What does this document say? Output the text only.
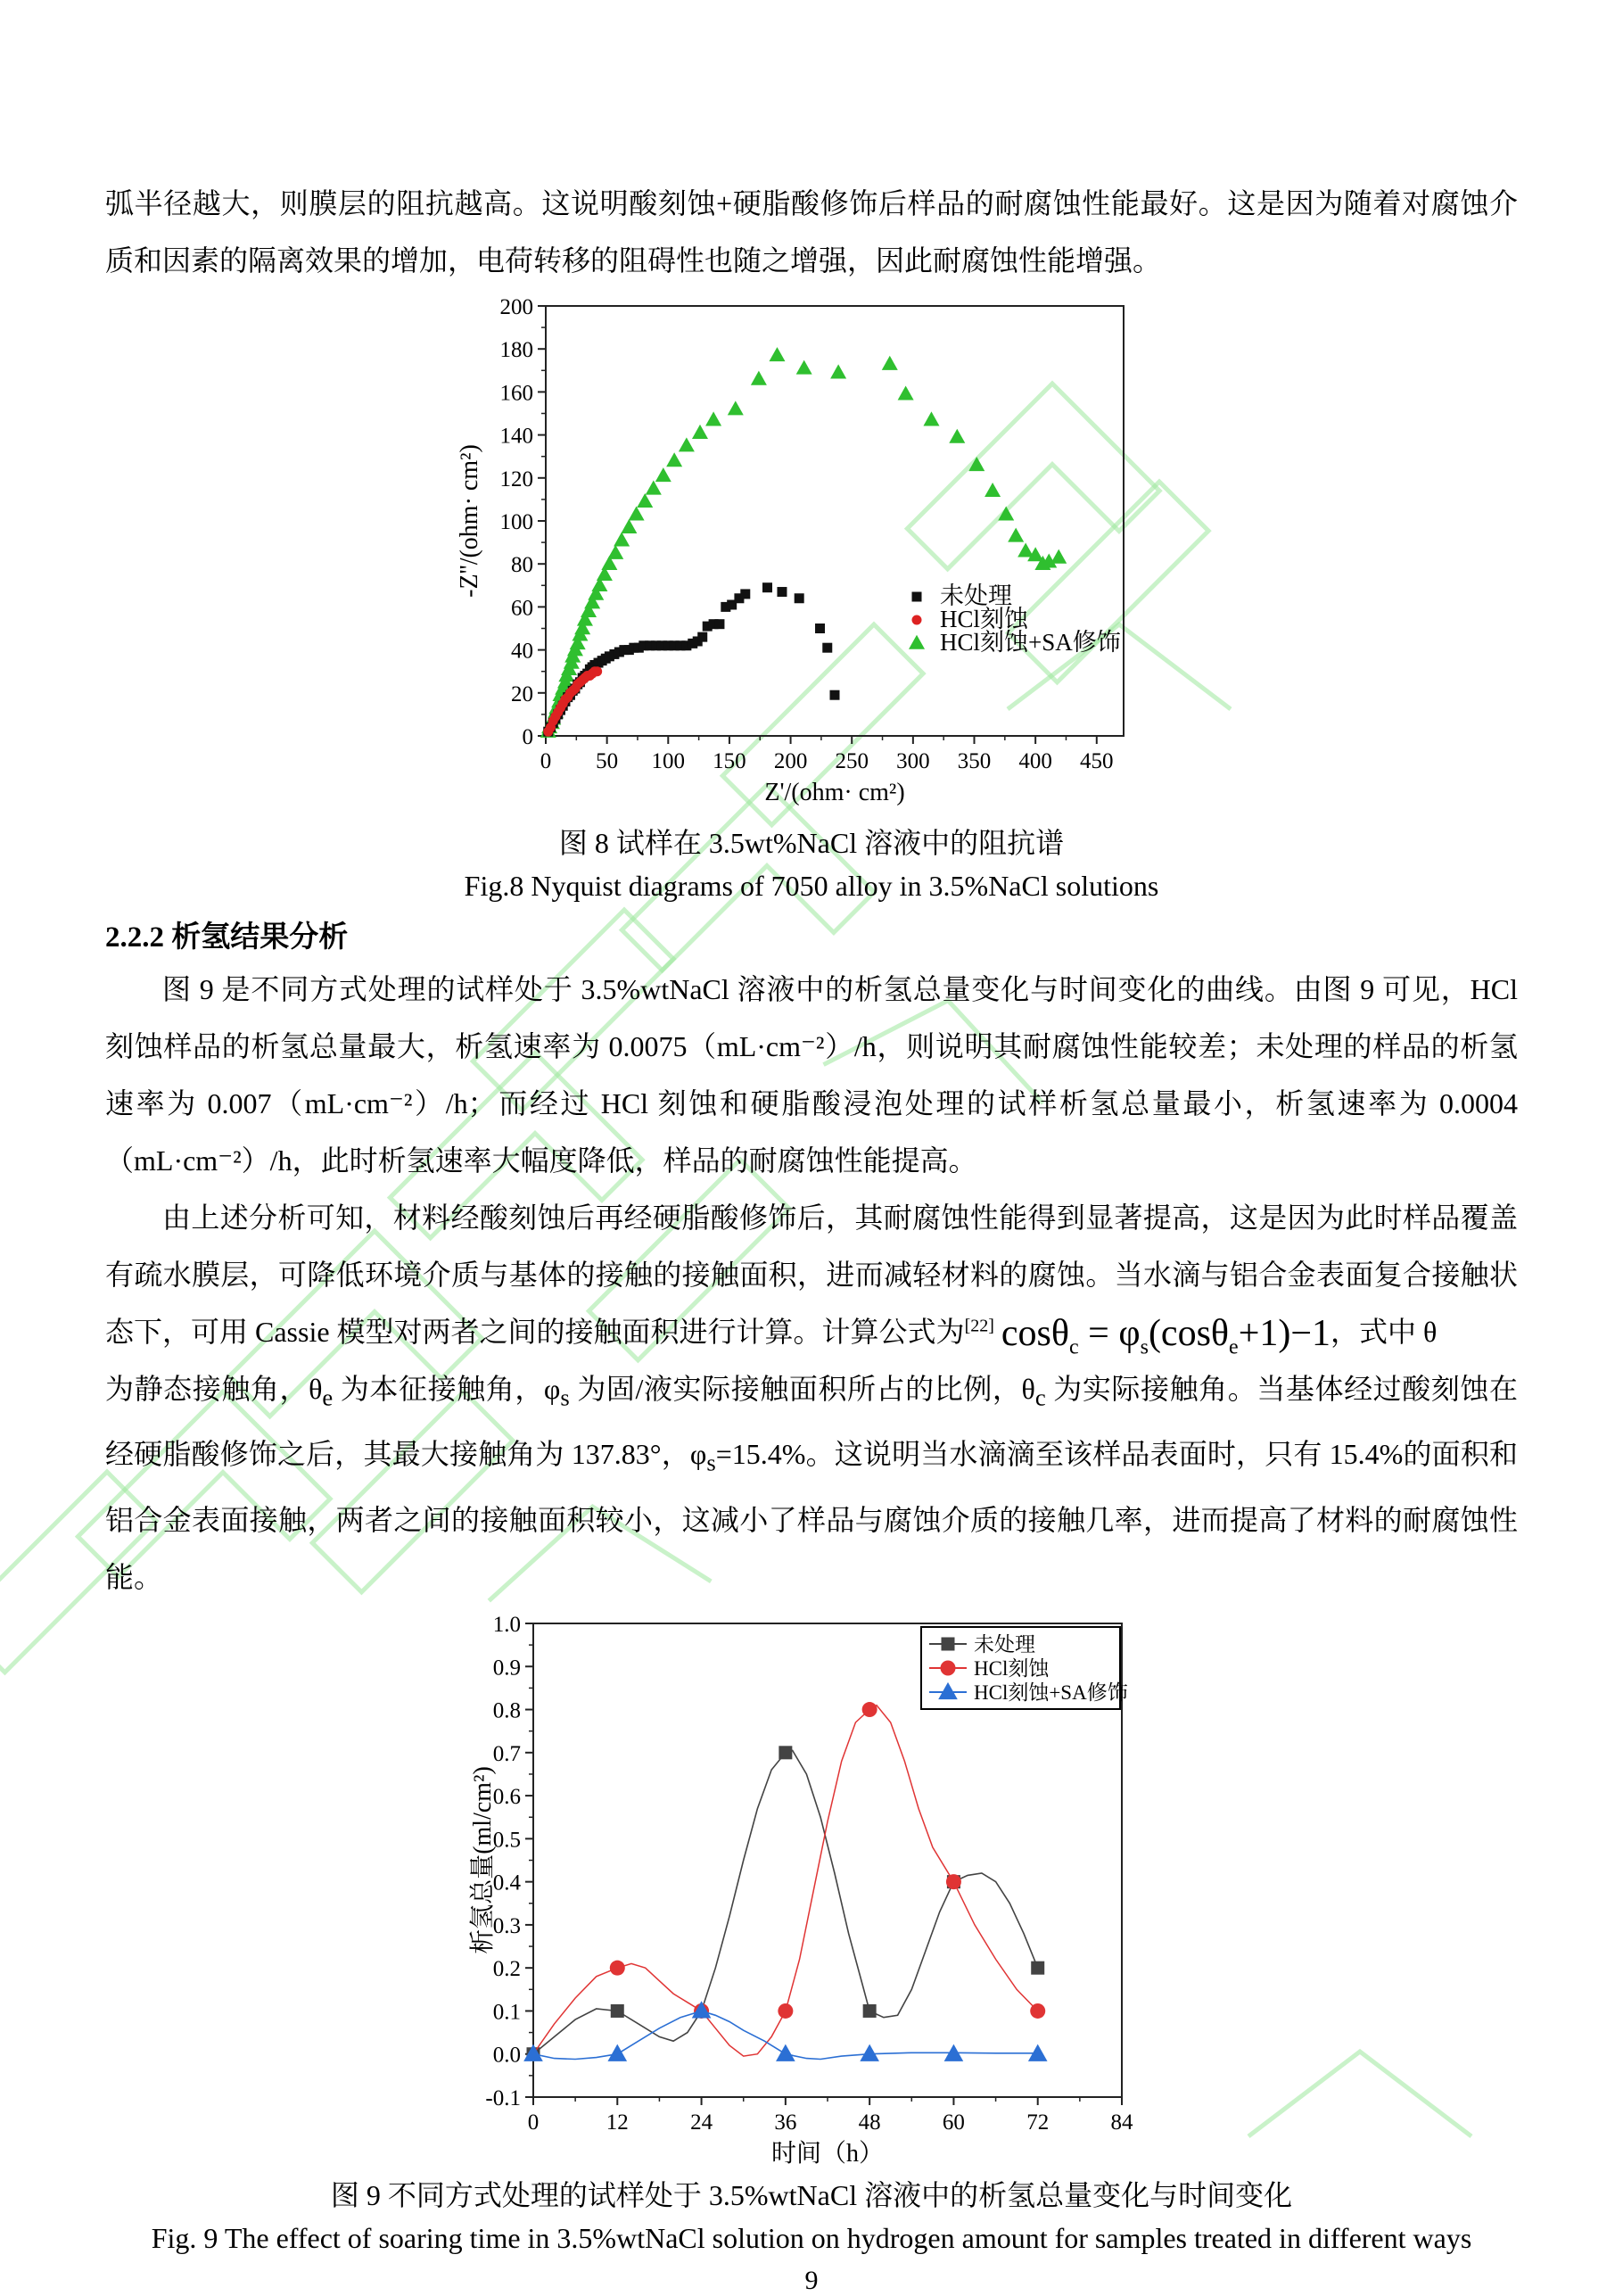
弧半径越大，则膜层的阻抗越高。这说明酸刻蚀+硬脂酸修饰后样品的耐腐蚀性能最好。这是因为随着对腐蚀介质和因素的隔离效果的增加，电荷转移的阻碍性也随之增强，因此耐腐蚀性能增强。

0 50 100 150 200 250 300 350 400 450
0
20
40
60
80
100
120
140
160
180
200
Z'/(ohm· cm²)
-Z''/(ohm· cm²)	未处理
HCl刻蚀
HCl刻蚀+SA修饰
图 8 试样在 3.5wt%NaCl 溶液中的阻抗谱
Fig.8 Nyquist diagrams of 7050 alloy in 3.5%NaCl solutions
2.2.2 析氢结果分析

图 9 是不同方式处理的试样处于 3.5%wtNaCl 溶液中的析氢总量变化与时间变化的曲线。由图 9 可见，HCl 刻蚀样品的析氢总量最大，析氢速率为 0.0075（mL·cm⁻²）/h，则说明其耐腐蚀性能较差；未处理的样品的析氢速率为 0.007（mL·cm⁻²）/h；而经过 HCl 刻蚀和硬脂酸浸泡处理的试样析氢总量最小，析氢速率为 0.0004（mL·cm⁻²）/h，此时析氢速率大幅度降低，样品的耐腐蚀性能提高。

由上述分析可知，材料经酸刻蚀后再经硬脂酸修饰后，其耐腐蚀性能得到显著提高，这是因为此时样品覆盖有疏水膜层，可降低环境介质与基体的接触的接触面积，进而减轻材料的腐蚀。当水滴与铝合金表面复合接触状态下，可用 Cassie 模型对两者之间的接触面积进行计算。计算公式为[22] $\cos\theta_c = \varphi_s(\cos\theta_e+1)-1$，式中 θ

为静态接触角，$\theta_e$ 为本征接触角，$\varphi_s$ 为固/液实际接触面积所占的比例，$\theta_c$ 为实际接触角。当基体经过酸刻蚀在经硬脂酸修饰之后，其最大接触角为 137.83°，$\varphi_s=15.4\%$。这说明当水滴滴至该样品表面时，只有 15.4%的面积和铝合金表面接触，两者之间的接触面积较小，这减小了样品与腐蚀介质的接触几率，进而提高了材料的耐腐蚀性能。

0	12	24	36	48	60	72	84
-0.1
0.0
0.1
0.2
0.3
0.4
0.5
0.6
0.7
0.8
0.9
1.0
时间（h）
析氢总量(ml/cm²)
未处理
HCl刻蚀
HCl刻蚀+SA修饰
图 9 不同方式处理的试样处于 3.5%wtNaCl 溶液中的析氢总量变化与时间变化
Fig. 9 The effect of soaring time in 3.5%wtNaCl solution on hydrogen amount for samples treated in different ways
9
